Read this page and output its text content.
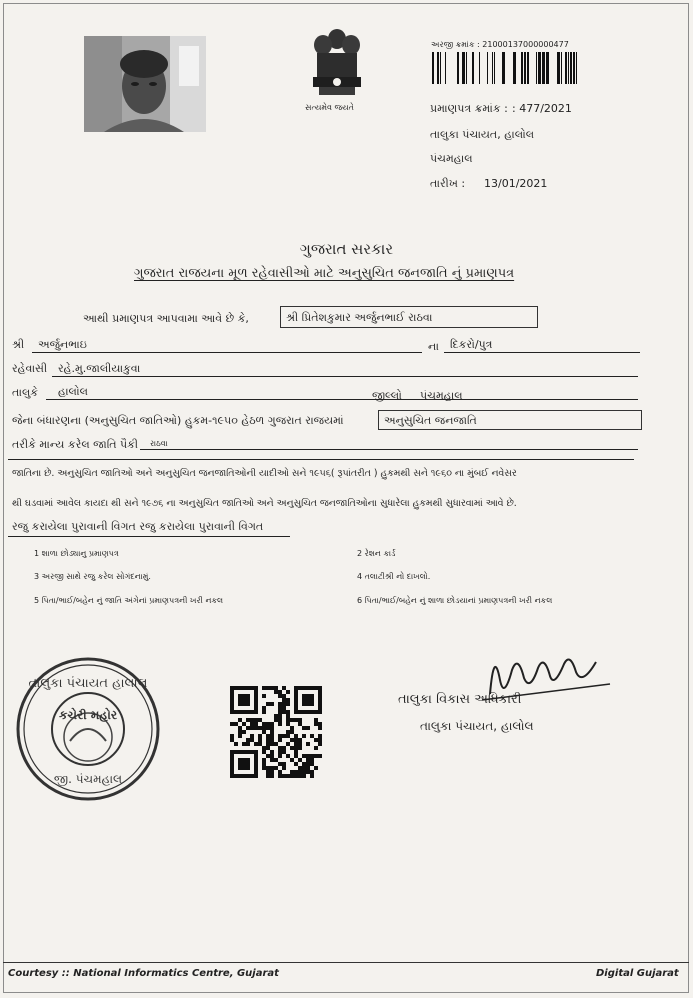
સત્યમેવ જયતે
અરજી ક્રમાંક : 21000137000000477
પ્રમાણપત્ર ક્રમાંક : : 477/2021
તાલુકા પંચાયત, હાલોલ
પંચમહાલ
તારીખ : 13/01/2021
ગુજરાત સરકાર
ગુજરાત રાજયના મૂળ રહેવાસીઓ માટે અનુસુચિત જનજાતિ નું પ્રમાણપત્ર
આથી પ્રમાણપત્ર આપવામા આવે છે કે,	શ્રી પ્રિતેશકુમાર અર્જુનભાઈ રાઠવા
શ્રી અર્જુનભાઇ	ના દિકરો/પુત્ર
રહેવાસી રહે.મુ.જાલીયાકુવા
તાલુકે હાલોલ	જીલ્લો પંચમહાલ
જેના બંધારણના (અનુસુચિત જાતિઓ) હુકમ-૧૯૫૦ હેઠળ ગુજરાત રાજયમાં	અનુસુચિત જનજાતિ
તરીકે માન્ય કરેલ જાતિ પૈકી રાઠવા
જાતિના છે. અનુસુચિત જાતિઓ અને અનુસુચિત જનજાતિઓની યાદીઓ સને ૧૯૫૬( રૂપાંતરીત ) હુકમથી સને ૧૯૬૦ ના મુંબઈ નવેસર
થી ઘડવામાં આવેલ કાયદા થી સને ૧૯૭૬ ના અનુસુચિત જાતિઓ અને અનુસુચિત જનજાતિઓના સુધારેલા હુકમથી સુધારવામાં આવે છે.
રજુ કરાયેલા પુરાવાની વિગત રજુ કરાયેલા પુરાવાની વિગત
1 શાળા છોડ્યાનુ પ્રમાણપત્ર	2 રેશન કાર્ડ
3 અરજી સાથે રજુ કરેલ સોગંદનામું.	4 તલાટીશ્રી નો દાખલો.
5 પિતા/ભાઈ/બહેન નું જાતિ અંગેનાં પ્રમાણપત્રની ખરી નકલ	6 પિતા/ભાઈ/બહેન નું શાળા છોડયાનાં પ્રમાણપત્રની ખરી નકલ
તાલુકા પંચાયત હાલોલ
કચેરી મહોર
જી. પંચમહાલ
તાલુકા વિકાસ અધિકારી
તાલુકા પંચાયત, હાલોલ
Courtesy :: National Informatics Centre, Gujarat	Digital Gujarat
